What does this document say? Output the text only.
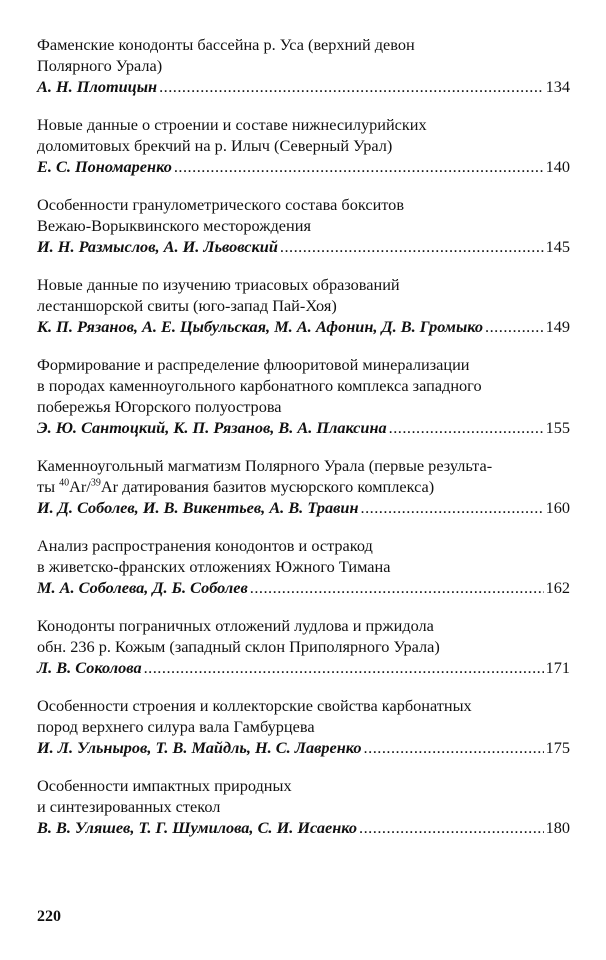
Фаменские конодонты бассейна р. Уса (верхний девон
Полярного Урала)
А. Н. Плотицын .....	134
Новые данные о строении и составе нижнесилурийских
доломитовых брекчий на р. Илыч (Северный Урал)
Е. С. Пономаренко .....	140
Особенности гранулометрического состава бокситов
Вежаю-Ворыквинского месторождения
И. Н. Размыслов, А. И. Львовский .....	145
Новые данные по изучению триасовых образований
лестаншорской свиты (юго-запад Пай-Хоя)
К. П. Рязанов, А. Е. Цыбульская, М. А. Афонин, Д. В. Громыко .....	149
Формирование и распределение флюоритовой минерализации
в породах каменноугольного карбонатного комплекса западного
побережья Югорского полуострова
Э. Ю. Сантоцкий, К. П. Рязанов, В. А. Плаксина .....	155
Каменноугольный магматизм Полярного Урала (первые результа-
ты $^{40}$Ar/$^{39}$Ar датирования базитов мусюрского комплекса)
И. Д. Соболев, И. В. Викентьев, А. В. Травин .....	160
Анализ распространения конодонтов и остракод
в живетско-франских отложениях Южного Тимана
М. А. Соболева, Д. Б. Соболев .....	162
Конодонты пограничных отложений лудлова и пржидола
обн. 236 р. Кожым (западный склон Приполярного Урала)
Л. В. Соколова .....	171
Особенности строения и коллекторские свойства карбонатных
пород верхнего силура вала Гамбурцева
И. Л. Ульныров, Т. В. Майдль, Н. С. Лавренко .....	175
Особенности импактных природных
и синтезированных стекол
В. В. Уляшев, Т. Г. Шумилова, С. И. Исаенко .....	180
220
